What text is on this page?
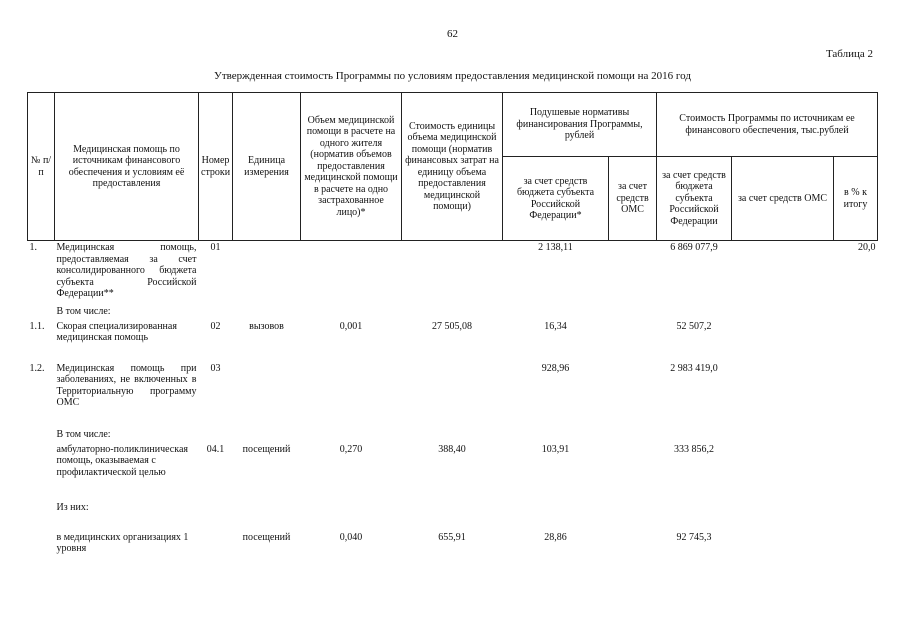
62
Таблица 2
Утвержденная стоимость Программы по условиям предоставления медицинской помощи на 2016 год
№ п/п	Медицинская помощь по источникам финансового обеспечения и условиям её предоставления	Номер строки	Единица измерения	Объем медицинской помощи в расчете на одного жителя (норматив объемов предоставления медицинской помощи в расчете на одно застрахованное лицо)*	Стоимость единицы объема медицинской помощи (норматив финансовых затрат на единицу объема предоставления медицинской помощи)	Подушевые нормативы финансирования Программы, рублей		Стоимость Программы по источникам ее финансового обеспечения, тыс.рублей		
						за счет средств бюджета субъекта Российской Федерации*	за счет средств ОМС	за счет средств бюджета субъекта Российской Федерации	за счет средств ОМС	в % к итогу
1.	Медицинская помощь, предоставляемая за счет консолидированного бюджета субъекта Российской Федерации**	01				2 138,11		6 869 077,9		20,0
	В том числе:									
1.1.	Скорая специализированная медицинская помощь	02	вызовов	0,001	27 505,08	16,34		52 507,2		
1.2.	Медицинская помощь при заболеваниях, не включенных в Территориальную программу ОМС	03				928,96		2 983 419,0		
	В том числе:									
	амбулаторно-поликлиническая помощь, оказываемая с профилактической целью	04.1	посещений	0,270	388,40	103,91		333 856,2		
	Из них:									
	в медицинских организациях 1 уровня		посещений	0,040	655,91	28,86		92 745,3		
